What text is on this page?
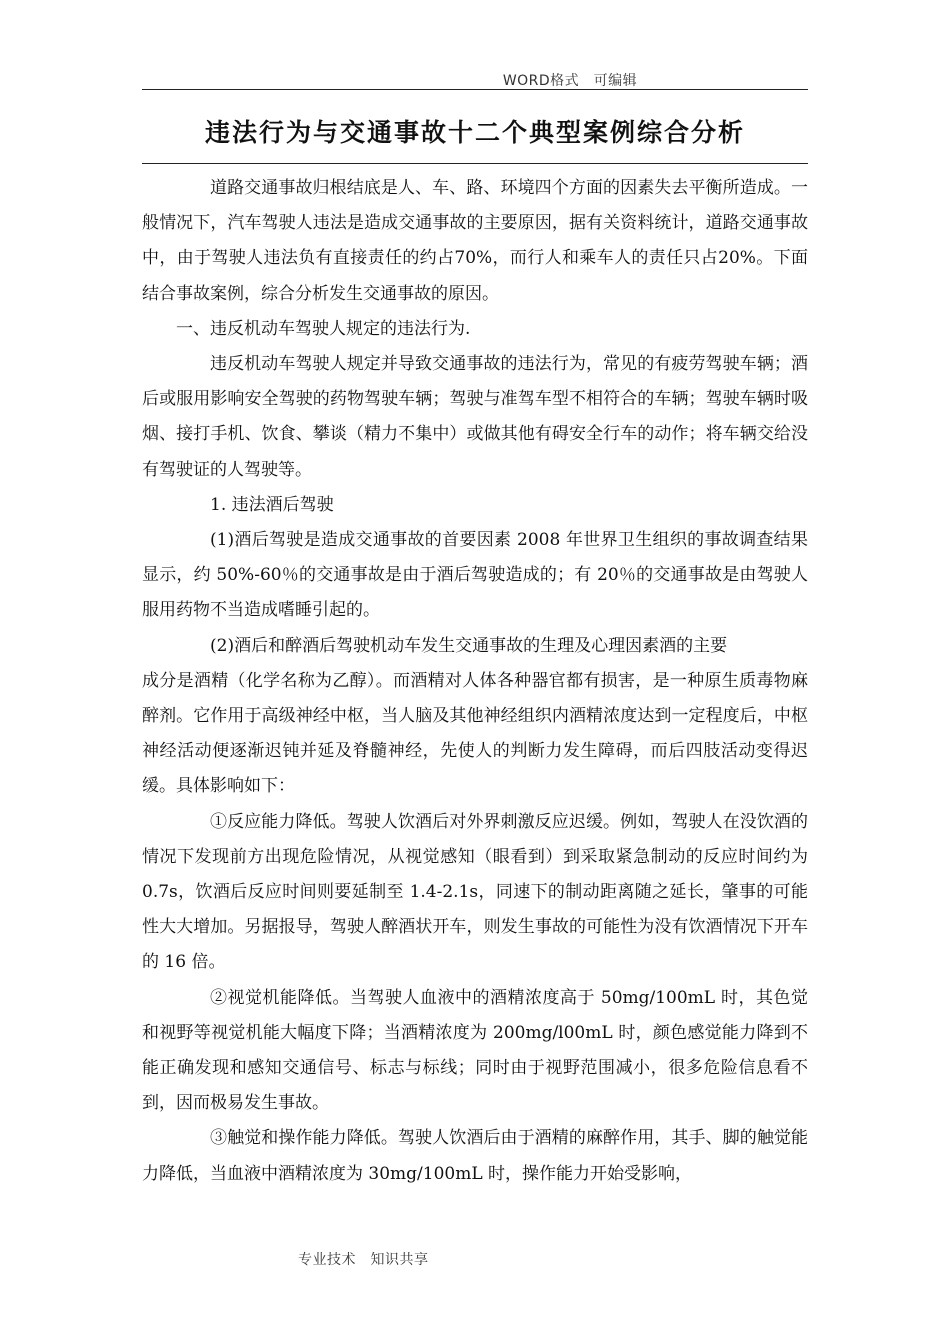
WORD格式　可编辑
违法行为与交通事故十二个典型案例综合分析

道路交通事故归根结底是人、车、路、环境四个方面的因素失去平衡所造成。一般情况下，汽车驾驶人违法是造成交通事故的主要原因，据有关资料统计，道路交通事故中，由于驾驶人违法负有直接责任的约占70%，而行人和乘车人的责任只占20%。下面结合事故案例，综合分析发生交通事故的原因。

一、违反机动车驾驶人规定的违法行为.

违反机动车驾驶人规定并导致交通事故的违法行为，常见的有疲劳驾驶车辆；酒后或服用影响安全驾驶的药物驾驶车辆；驾驶与准驾车型不相符合的车辆；驾驶车辆时吸烟、接打手机、饮食、攀谈（精力不集中）或做其他有碍安全行车的动作；将车辆交给没有驾驶证的人驾驶等。

1. 违法酒后驾驶

(1)酒后驾驶是造成交通事故的首要因素 2008 年世界卫生组织的事故调查结果显示，约 50%-60％的交通事故是由于酒后驾驶造成的；有 20％的交通事故是由驾驶人服用药物不当造成嗜睡引起的。

(2)酒后和醉酒后驾驶机动车发生交通事故的生理及心理因素酒的主要

成分是酒精（化学名称为乙醇）。而酒精对人体各种器官都有损害，是一种原生质毒物麻醉剂。它作用于高级神经中枢，当人脑及其他神经组织内酒精浓度达到一定程度后，中枢神经活动便逐渐迟钝并延及脊髓神经，先使人的判断力发生障碍，而后四肢活动变得迟缓。具体影响如下：

①反应能力降低。驾驶人饮酒后对外界刺激反应迟缓。例如，驾驶人在没饮酒的情况下发现前方出现危险情况，从视觉感知（眼看到）到采取紧急制动的反应时间约为 0.7s，饮酒后反应时间则要延制至 1.4-2.1s，同速下的制动距离随之延长，肇事的可能性大大增加。另据报导，驾驶人醉酒状开车，则发生事故的可能性为没有饮酒情况下开车的 16 倍。

②视觉机能降低。当驾驶人血液中的酒精浓度高于 50mg/100mL 时，其色觉和视野等视觉机能大幅度下降；当酒精浓度为 200mg/l00mL 时，颜色感觉能力降到不能正确发现和感知交通信号、标志与标线；同时由于视野范围减小，很多危险信息看不到，因而极易发生事故。

③触觉和操作能力降低。驾驶人饮酒后由于酒精的麻醉作用，其手、脚的触觉能力降低，当血液中酒精浓度为 30mg/100mL 时，操作能力开始受影响，

专业技术　知识共享
